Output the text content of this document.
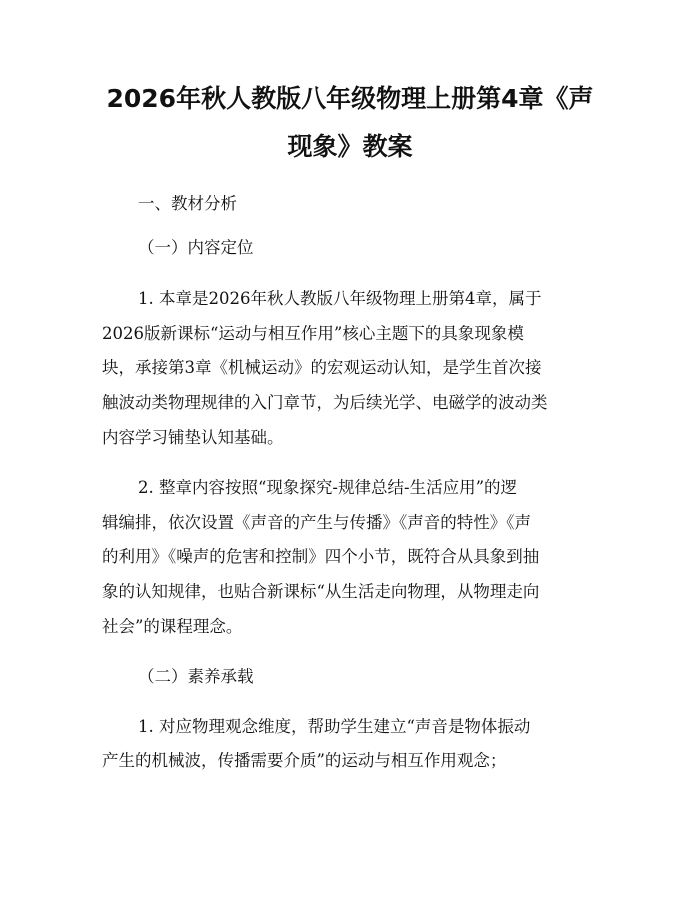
2026年秋人教版八年级物理上册第4章《声
现象》教案

一、教材分析

（一）内容定位

1. 本章是2026年秋人教版八年级物理上册第4章，属于

2026版新课标“运动与相互作用”核心主题下的具象现象模

块，承接第3章《机械运动》的宏观运动认知，是学生首次接

触波动类物理规律的入门章节，为后续光学、电磁学的波动类

内容学习铺垫认知基础。

2. 整章内容按照“现象探究-规律总结-生活应用”的逻

辑编排，依次设置《声音的产生与传播》《声音的特性》《声

的利用》《噪声的危害和控制》四个小节，既符合从具象到抽

象的认知规律，也贴合新课标“从生活走向物理，从物理走向

社会”的课程理念。

（二）素养承载

1. 对应物理观念维度，帮助学生建立“声音是物体振动

产生的机械波，传播需要介质”的运动与相互作用观念；
